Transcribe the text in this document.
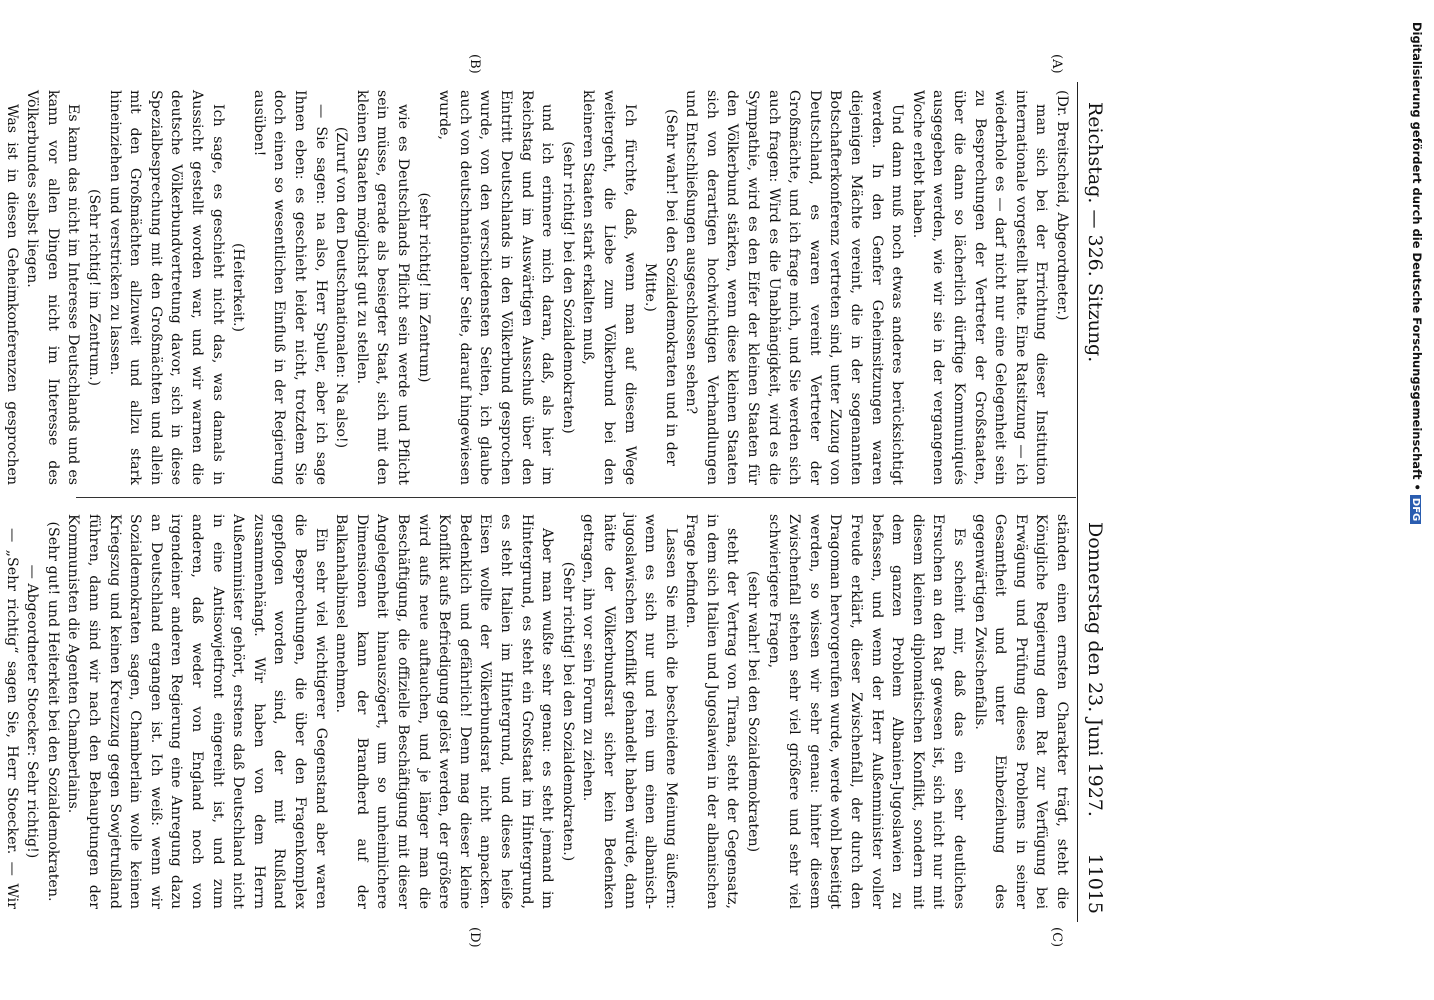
Reichstag. — 326. Sitzung.
Donnerstag den 23. Juni 1927.
11015
(A)
(B)
(C)
(D)

(Dr. Breitscheid, Abgeordneter.)

man sich bei der Errichtung dieser Institution internationale vorgestellt hatte. Eine Ratsitzung — ich wiederhole es — darf nicht nur eine Gelegenheit sein zu Besprechungen der Vertreter der Großstaaten, über die dann so lächerlich dürftige Kommuniqués ausgegeben werden, wie wir sie in der vergangenen Woche erlebt haben.

Und dann muß noch etwas anderes berücksichtigt werden. In den Genfer Geheimsitzungen waren diejenigen Mächte vereint, die in der sogenannten Botschafterkonferenz vertreten sind, unter Zuzug von Deutschland, es waren vereint Vertreter der Großmächte, und ich frage mich, und Sie werden sich auch fragen: Wird es die Unabhängigkeit, wird es die Sympathie, wird es den Eifer der kleinen Staaten für den Völkerbund stärken, wenn diese kleinen Staaten sich von derartigen hochwichtigen Verhandlungen und Entschließungen ausgeschlossen sehen?

(Sehr wahr! bei den Sozialdemokraten und in der Mitte.)

Ich fürchte, daß, wenn man auf diesem Wege weitergeht, die Liebe zum Völkerbund bei den kleineren Staaten stark erkalten muß,

(sehr richtig! bei den Sozialdemokraten)

und ich erinnere mich daran, daß, als hier im Reichstag und im Auswärtigen Ausschuß über den Eintritt Deutschlands in den Völkerbund gesprochen wurde, von den verschiedensten Seiten, ich glaube auch von deutschnationaler Seite, darauf hingewiesen wurde,

(sehr richtig! im Zentrum)

wie es Deutschlands Pflicht sein werde und Pflicht sein müsse, gerade als besiegter Staat, sich mit den kleinen Staaten möglichst gut zu stellen.

(Zuruf von den Deutschnationalen: Na also!)

— Sie sagen: na also, Herr Spuler, aber ich sage Ihnen eben: es geschieht leider nicht, trotzdem Sie doch einen so wesentlichen Einfluß in der Regierung ausüben!

(Heiterkeit.)

Ich sage, es geschieht nicht das, was damals in Aussicht gestellt worden war, und wir warnen die deutsche Völkerbundvertretung davor, sich in diese Spezialbesprechung mit den Großmächten und allein mit den Großmächten allzuweit und allzu stark hineinziehen und verstricken zu lassen.

(Sehr richtig! im Zentrum.)

Es kann das nicht im Interesse Deutschlands und es kann vor allen Dingen nicht im Interesse des Völkerbundes selbst liegen.

Was ist in diesen Geheimkonferenzen gesprochen

ständen einen ernsten Charakter trägt, steht die Königliche Regierung dem Rat zur Verfügung bei Erwägung und Prüfung dieses Problems in seiner Gesamtheit und unter Einbeziehung des gegenwärtigen Zwischenfalls.

Es scheint mir, daß das ein sehr deutliches Ersuchen an den Rat gewesen ist, sich nicht nur mit diesem kleinen diplomatischen Konflikt, sondern mit dem ganzen Problem Albanien-Jugoslawien zu befassen, und wenn der Herr Außenminister voller Freude erklärt, dieser Zwischenfall, der durch den Dragoman hervorgerufen wurde, werde wohl beseitigt werden, so wissen wir sehr genau: hinter diesem Zwischenfall stehen sehr viel größere und sehr viel schwierigere Fragen,

(sehr wahr! bei den Sozialdemokraten)

steht der Vertrag von Tirana, steht der Gegensatz, in dem sich Italien und Jugoslawien in der albanischen Frage befinden.

Lassen Sie mich die bescheidene Meinung äußern: wenn es sich nur und rein um einen albanisch-jugoslawischen Konflikt gehandelt haben würde, dann hätte der Völkerbundsrat sicher kein Bedenken getragen, ihn vor sein Forum zu ziehen.

(Sehr richtig! bei den Sozialdemokraten.)

Aber man wußte sehr genau: es steht jemand im Hintergrund, es steht ein Großstaat im Hintergrund, es steht Italien im Hintergrund, und dieses heiße Eisen wollte der Völkerbundsrat nicht anpacken. Bedenklich und gefährlich! Denn mag dieser kleine Konflikt aufs Befriedigung gelöst werden, der größere wird aufs neue auftauchen, und je länger man die Beschäftigung, die offizielle Beschäftigung mit dieser Angelegenheit hinauszögert, um so unheimlichere Dimensionen kann der Brandherd auf der Balkanhalbinsel annehmen.

Ein sehr viel wichtigerer Gegenstand aber waren die Besprechungen, die über den Fragenkomplex gepflogen worden sind, der mit Rußland zusammenhängt. Wir haben von dem Herrn Außenminister gehört, erstens daß Deutschland nicht in eine Antisowjetfront eingereiht ist, und zum anderen, daß weder von England noch von irgendeiner anderen Regierung eine Anregung dazu an Deutschland ergangen ist. Ich weiß: wenn wir Sozialdemokraten sagen, Chamberlain wolle keinen Kriegszug und keinen Kreuzzug gegen Sowjetrußland führen, dann sind wir nach den Behauptungen der Kommunisten die Agenten Chamberlains.

(Sehr gut! und Heiterkeit bei den Sozialdemokraten. — Abgeordneter Stoecker: Sehr richtig!)

— „Sehr richtig“ sagen Sie, Herr Stoecker. — Wir

Digitalisierung gefördert durch die Deutsche Forschungsgemeinschaft •DFG
